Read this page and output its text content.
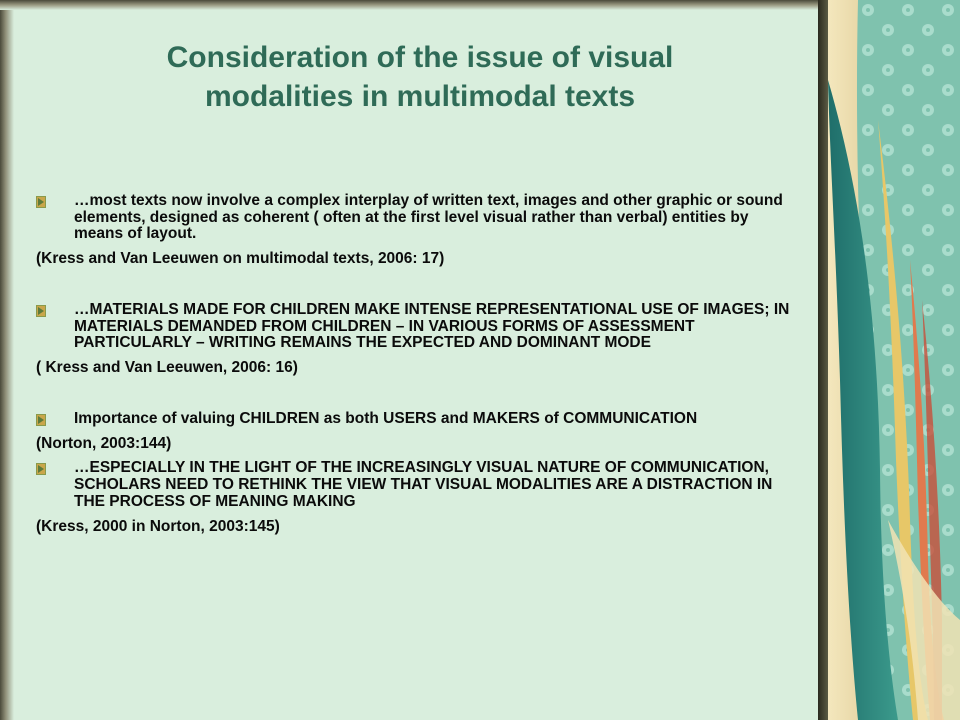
Consideration of the issue of visual
modalities in multimodal texts

…most texts now involve a complex interplay of written text, images and other graphic or sound elements, designed as coherent ( often at the first level visual rather than verbal) entities by means of layout.

(Kress and Van Leeuwen on multimodal texts, 2006: 17)

…MATERIALS MADE FOR CHILDREN MAKE INTENSE REPRESENTATIONAL USE OF IMAGES; IN MATERIALS DEMANDED FROM CHILDREN – IN VARIOUS FORMS OF ASSESSMENT PARTICULARLY – WRITING REMAINS THE EXPECTED AND DOMINANT MODE

( Kress and Van Leeuwen, 2006: 16)

Importance of valuing CHILDREN as both USERS and MAKERS of COMMUNICATION

(Norton, 2003:144)

…ESPECIALLY IN THE LIGHT OF THE INCREASINGLY VISUAL NATURE OF COMMUNICATION, SCHOLARS NEED TO RETHINK THE VIEW THAT VISUAL MODALITIES ARE A DISTRACTION IN THE PROCESS OF MEANING MAKING

(Kress, 2000 in Norton, 2003:145)
